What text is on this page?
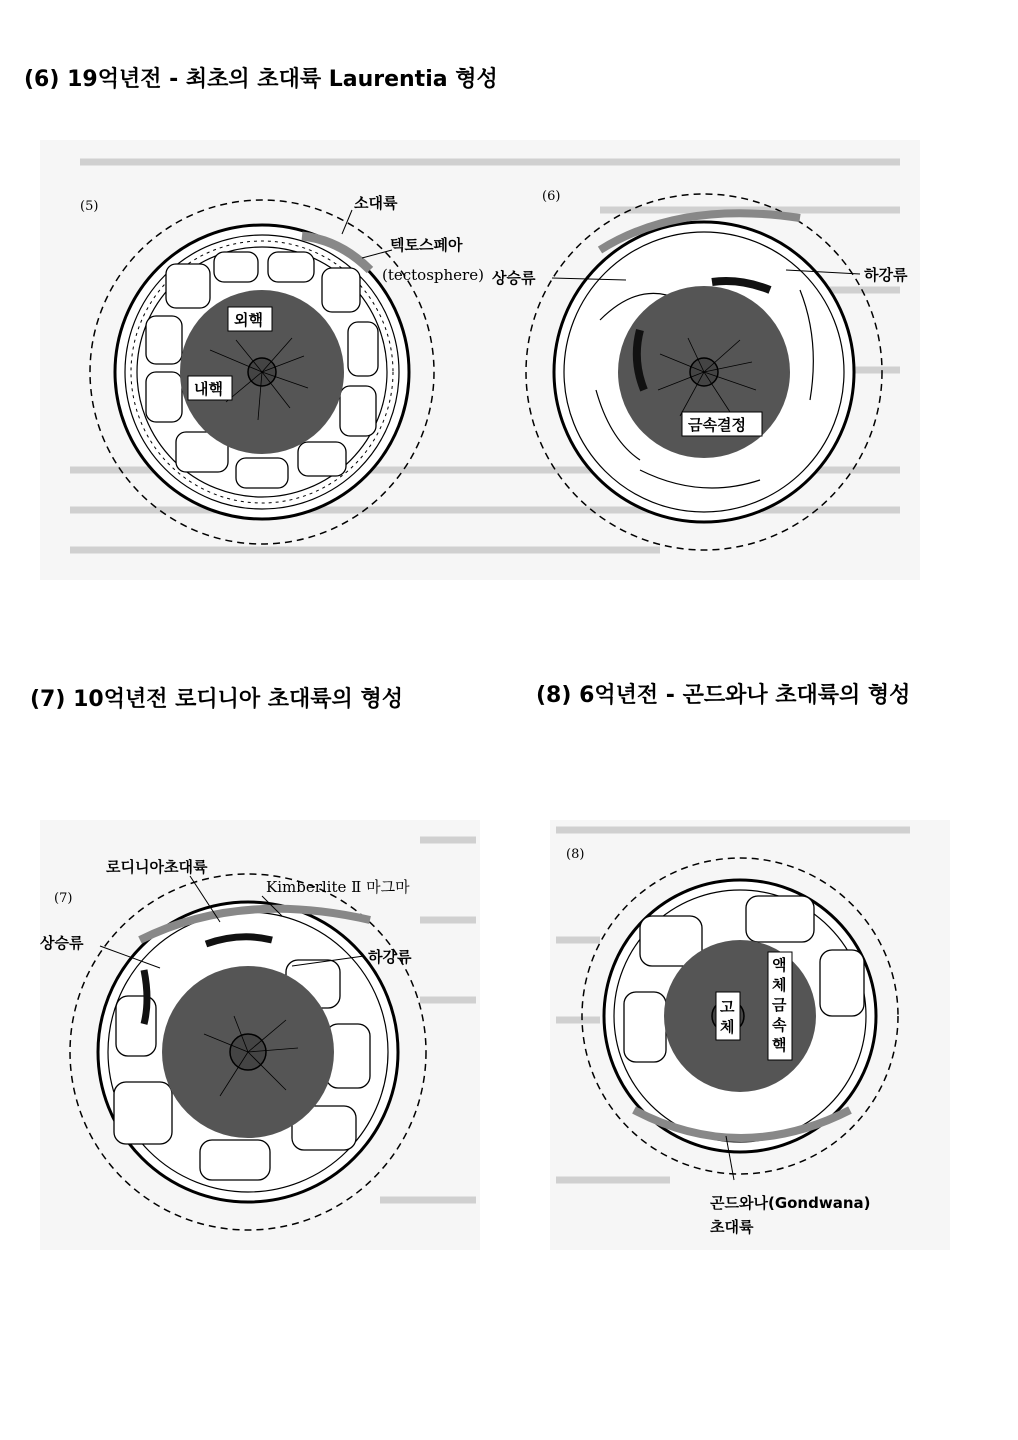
(6) 19억년전 - 최초의 초대륙 Laurentia 형성
(7) 10억년전 로디니아 초대륙의 형성	(8) 6억년전 - 곤드와나 초대륙의 형성
(5)
외핵
내핵
소대륙
텍토스페아
(tectosphere)
(6)
금속결정
상승류	하강류
(7)
로디니아초대륙
Kimberlite Ⅱ 마그마
상승류
하강류
(8)
고
체
액
체
금
속
핵
곤드와나(Gondwana)
초대륙
